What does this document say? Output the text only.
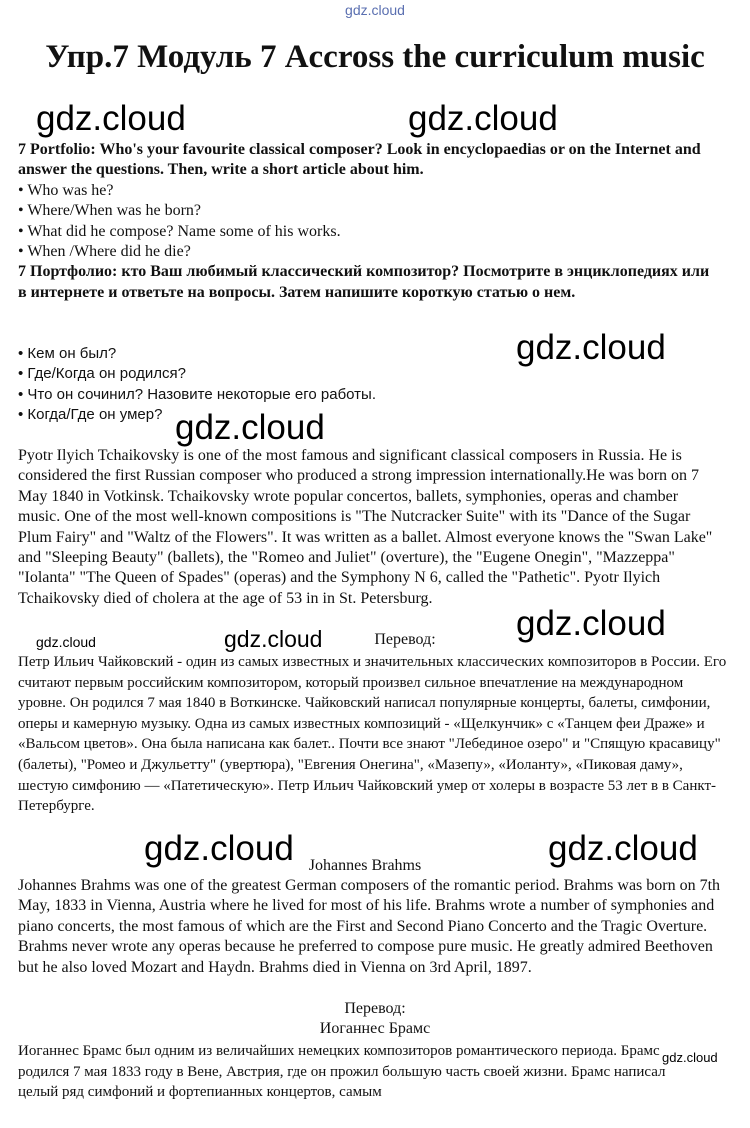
gdz.cloud
Упр.7 Модуль 7 Accross the curriculum music

7 Portfolio: Who's your favourite classical composer? Look in encyclopaedias or on the Internet and answer the questions. Then, write a short article about him.

• Who was he?
• Where/When was he born?
• What did he compose? Name some of his works.
• When /Where did he die?

7 Портфолио: кто Ваш любимый классический композитор? Посмотрите в энциклопедиях или в интернете и ответьте на вопросы. Затем напишите короткую статью о нем.

• Кем он был?
• Где/Когда он родился?
• Что он сочинил? Назовите некоторые его работы.
• Когда/Где он умер?

Pyotr Ilyich Tchaikovsky is one of the most famous and significant classical composers in Russia. He is considered the first Russian composer who produced a strong impression internationally.He was born on 7 May 1840 in Votkinsk. Tchaikovsky wrote popular concertos, ballets, symphonies, operas and chamber music. One of the most well-known compositions is "The Nutcracker Suite" with its "Dance of the Sugar Plum Fairy" and "Waltz of the Flowers". It was written as a ballet. Almost everyone knows the "Swan Lake" and "Sleeping Beauty" (ballets), the "Romeo and Juliet" (overture), the "Eugene Onegin", "Mazzeppa" "Iolanta" "The Queen of Spades" (operas) and the Symphony N 6, called the "Pathetic". Pyotr Ilyich Tchaikovsky died of cholera at the age of 53 in in St. Petersburg.

Перевод:

Петр Ильич Чайковский - один из самых известных и значительных классических композиторов в России. Его считают первым российским композитором, который произвел сильное впечатление на международном уровне. Он родился 7 мая 1840 в Воткинске. Чайковский написал популярные концерты, балеты, симфонии, оперы и камерную музыку. Одна из самых известных композиций - «Щелкунчик» с «Танцем феи Драже» и «Вальсом цветов». Она была написана как балет.. Почти все знают "Лебединое озеро" и "Спящую красавицу" (балеты), "Ромео и Джульетту" (увертюра), "Евгения Онегина", «Мазепу», «Иоланту», «Пиковая даму», шестую симфонию — «Патетическую». Петр Ильич Чайковский умер от холеры в возрасте 53 лет в в Санкт-Петербурге.

Johannes Brahms

Johannes Brahms was one of the greatest German composers of the romantic period. Brahms was born on 7th May, 1833 in Vienna, Austria where he lived for most of his life. Brahms wrote a number of symphonies and piano concerts, the most famous of which are the First and Second Piano Concerto and the Tragic Overture. Brahms never wrote any operas because he preferred to compose pure music. He greatly admired Beethoven but he also loved Mozart and Haydn. Brahms died in Vienna on 3rd April, 1897.

Перевод:
Иоганнес Брамс

Иоганнес Брамс был одним из величайших немецких композиторов романтического периода. Брамс родился 7 мая 1833 году в Вене, Австрия, где он прожил большую часть своей жизни. Брамс написал целый ряд симфоний и фортепианных концертов, самым

gdz.cloud	gdz.cloud
gdz.cloud
gdz.cloud
gdz.cloud
gdz.cloud	gdz.cloud
gdz.cloud	gdz.cloud
gdz.cloud
